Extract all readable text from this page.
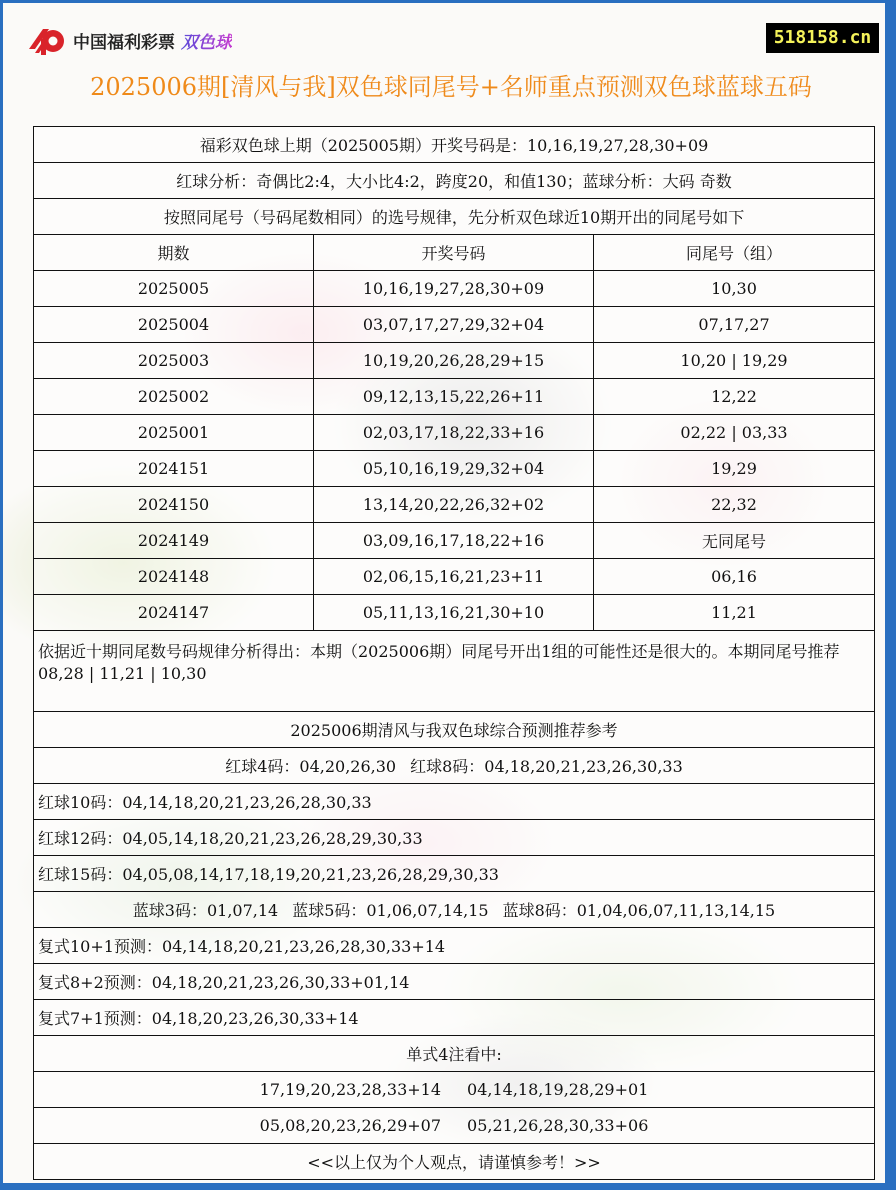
中国福利彩票 双色球	518158.cn
2025006期[清风与我]双色球同尾号+名师重点预测双色球蓝球五码
福彩双色球上期（2025005期）开奖号码是：10,16,19,27,28,30+09		
红球分析：奇偶比2:4，大小比4:2，跨度20，和值130；蓝球分析：大码 奇数		
按照同尾号（号码尾数相同）的选号规律，先分析双色球近10期开出的同尾号如下		
期数	开奖号码	同尾号（组）
2025005	10,16,19,27,28,30+09	10,30
2025004	03,07,17,27,29,32+04	07,17,27
2025003	10,19,20,26,28,29+15	10,20 | 19,29
2025002	09,12,13,15,22,26+11	12,22
2025001	02,03,17,18,22,33+16	02,22 | 03,33
2024151	05,10,16,19,29,32+04	19,29
2024150	13,14,20,22,26,32+02	22,32
2024149	03,09,16,17,18,22+16	无同尾号
2024148	02,06,15,16,21,23+11	06,16
2024147	05,11,13,16,21,30+10	11,21
依据近十期同尾数号码规律分析得出：本期（2025006期）同尾号开出1组的可能性还是很大的。本期同尾号推荐08,28 | 11,21 | 10,30		
2025006期清风与我双色球综合预测推荐参考		
红球4码：04,20,26,30 红球8码：04,18,20,21,23,26,30,33		
红球10码：04,14,18,20,21,23,26,28,30,33		
红球12码：04,05,14,18,20,21,23,26,28,29,30,33		
红球15码：04,05,08,14,17,18,19,20,21,23,26,28,29,30,33		
蓝球3码：01,07,14 蓝球5码：01,06,07,14,15 蓝球8码：01,04,06,07,11,13,14,15		
复式10+1预测：04,14,18,20,21,23,26,28,30,33+14		
复式8+2预测：04,18,20,21,23,26,30,33+01,14		
复式7+1预测：04,18,20,23,26,30,33+14		
单式4注看中:		
17,19,20,23,28,33+14 04,14,18,19,28,29+01		
05,08,20,23,26,29+07 05,21,26,28,30,33+06		
<<以上仅为个人观点，请谨慎参考！>>		
